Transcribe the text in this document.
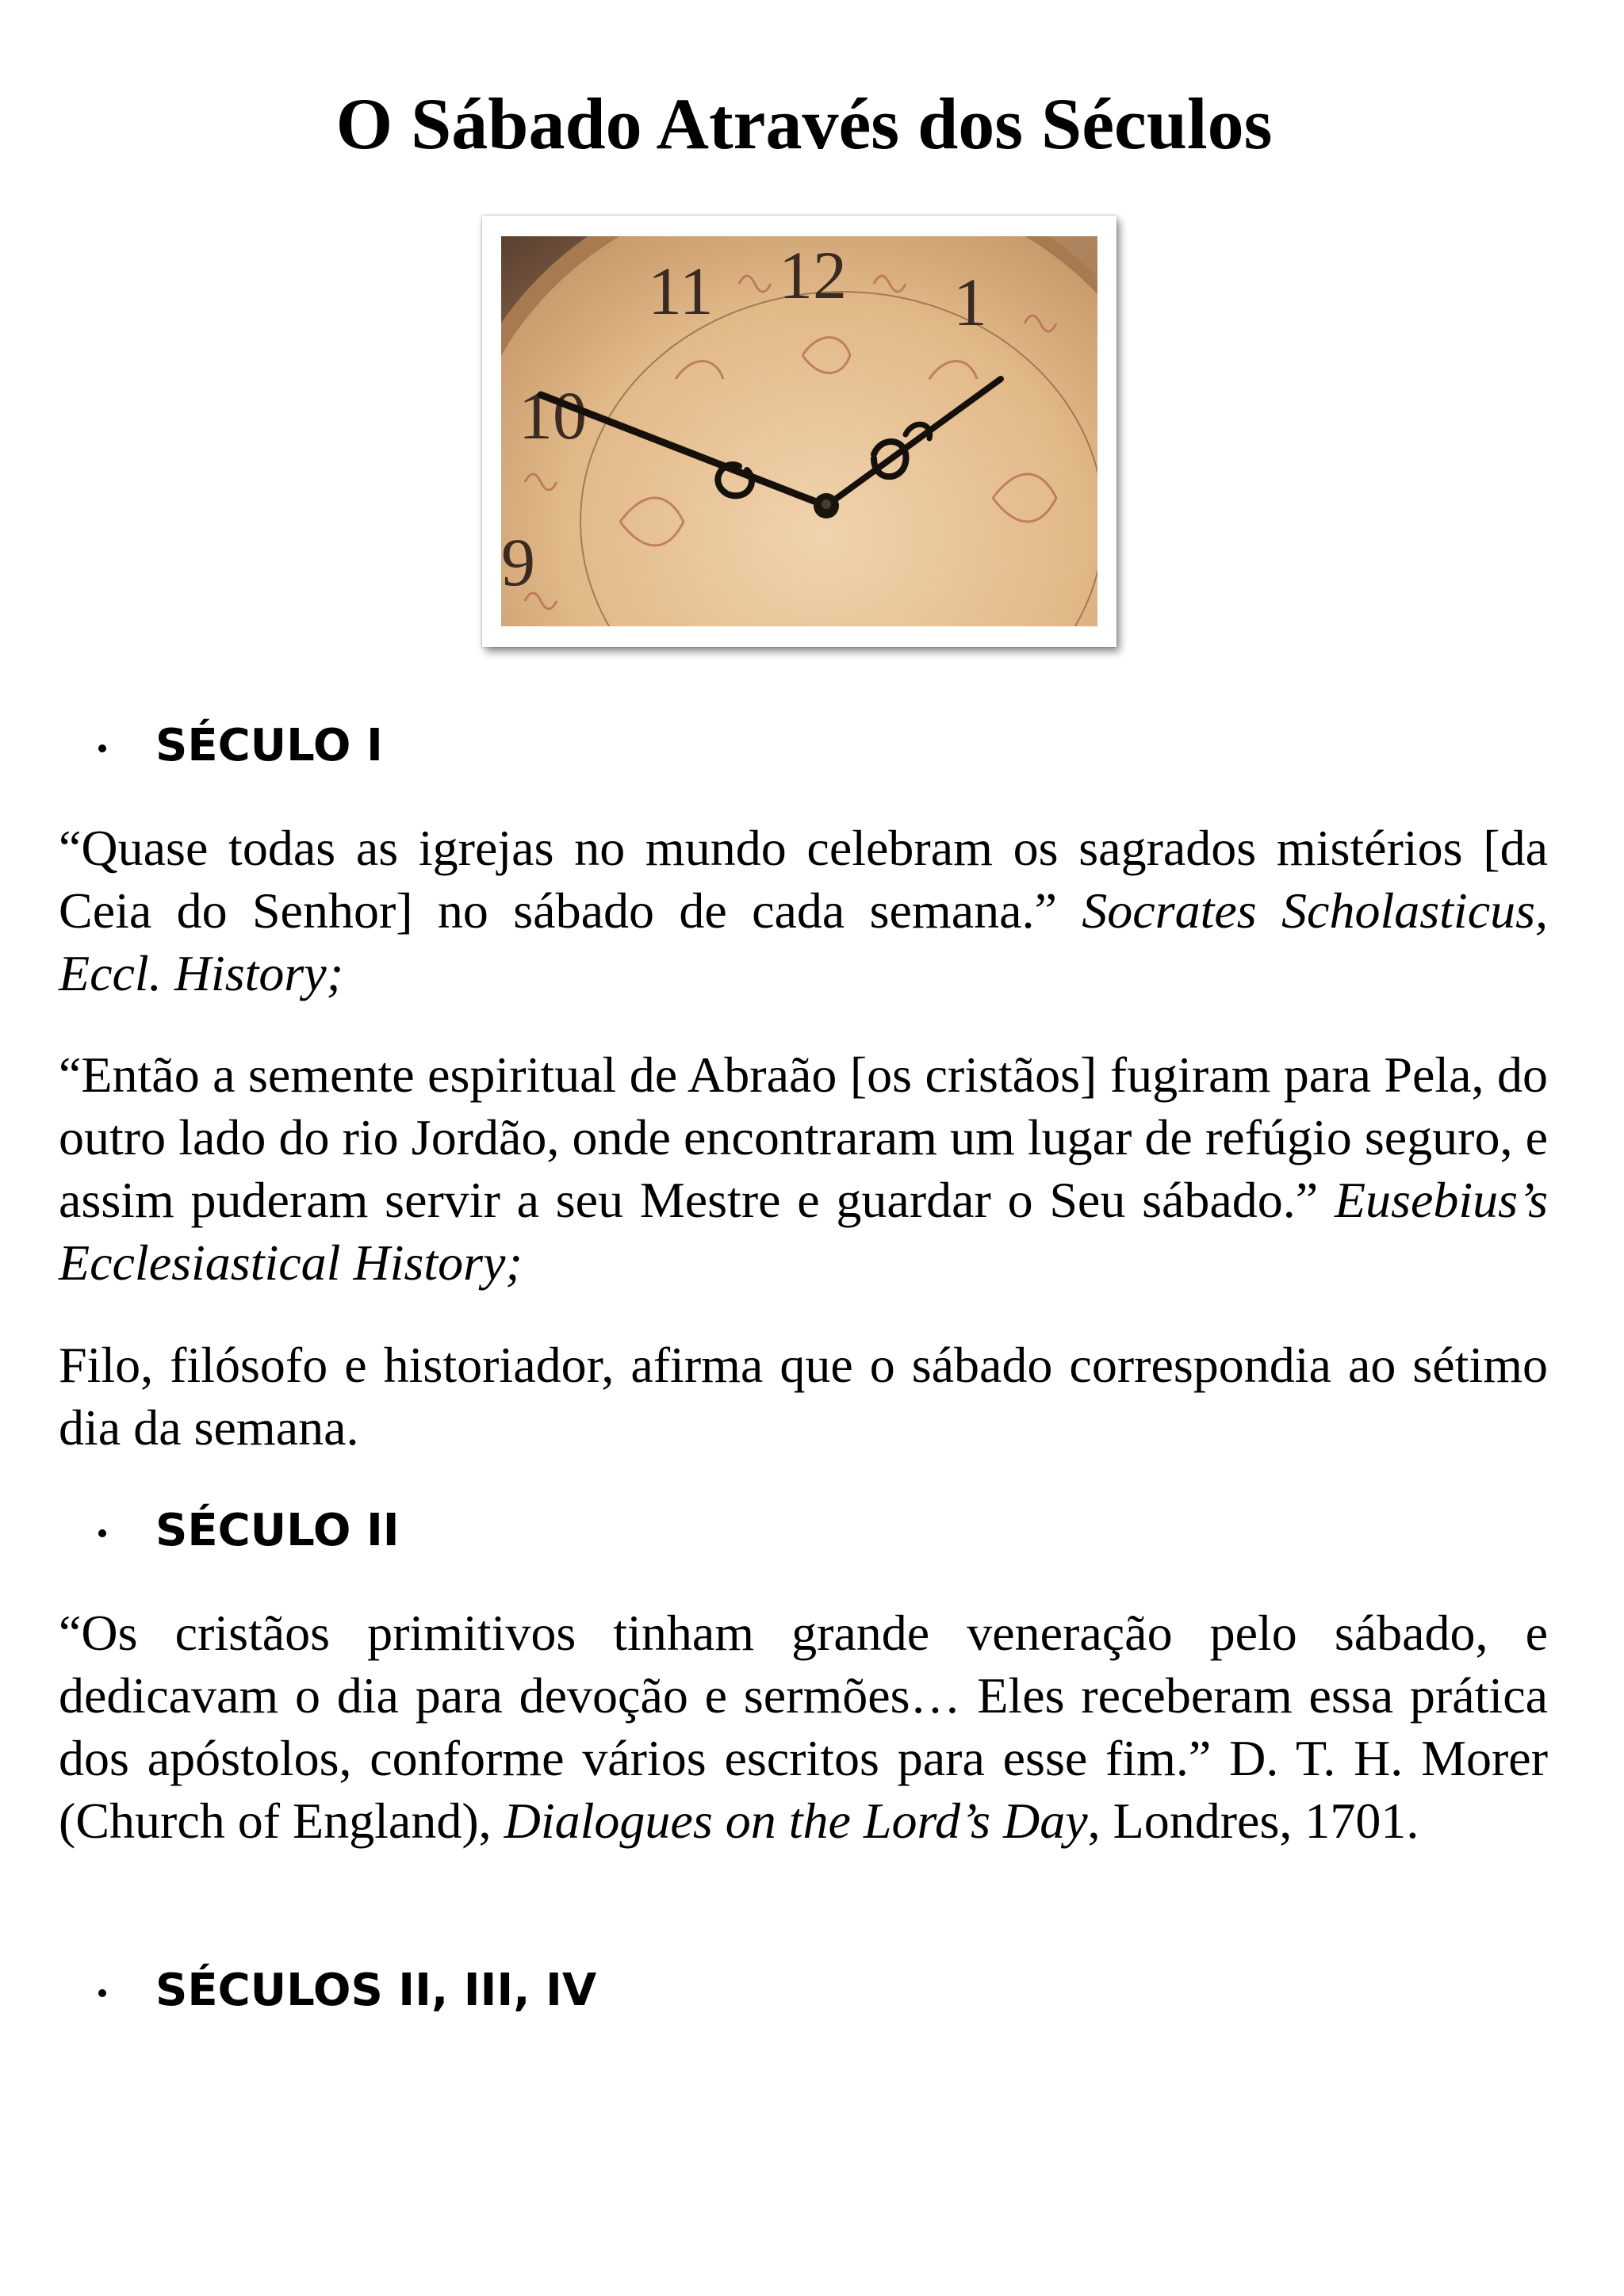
O Sábado Através dos Séculos
11 12 1
10
9
SÉCULO I

“Quase todas as igrejas no mundo celebram os sagrados mistérios [da Ceia do Senhor] no sábado de cada semana.” Socrates Scholasticus, Eccl. History;

“Então a semente espiritual de Abraão [os cristãos] fugiram para Pela, do outro lado do rio Jordão, onde encontraram um lugar de refúgio seguro, e assim puderam servir a seu Mestre e guardar o Seu sábado.” Eusebius’s Ecclesiastical History;

Filo, filósofo e historiador, afirma que o sábado correspondia ao sétimo dia da semana.

SÉCULO II

“Os cristãos primitivos tinham grande veneração pelo sábado, e dedicavam o dia para devoção e sermões… Eles receberam essa prática dos apóstolos, conforme vários escritos para esse fim.” D. T. H. Morer (Church of England), Dialogues on the Lord’s Day, Londres, 1701.

SÉCULOS II, III, IV
